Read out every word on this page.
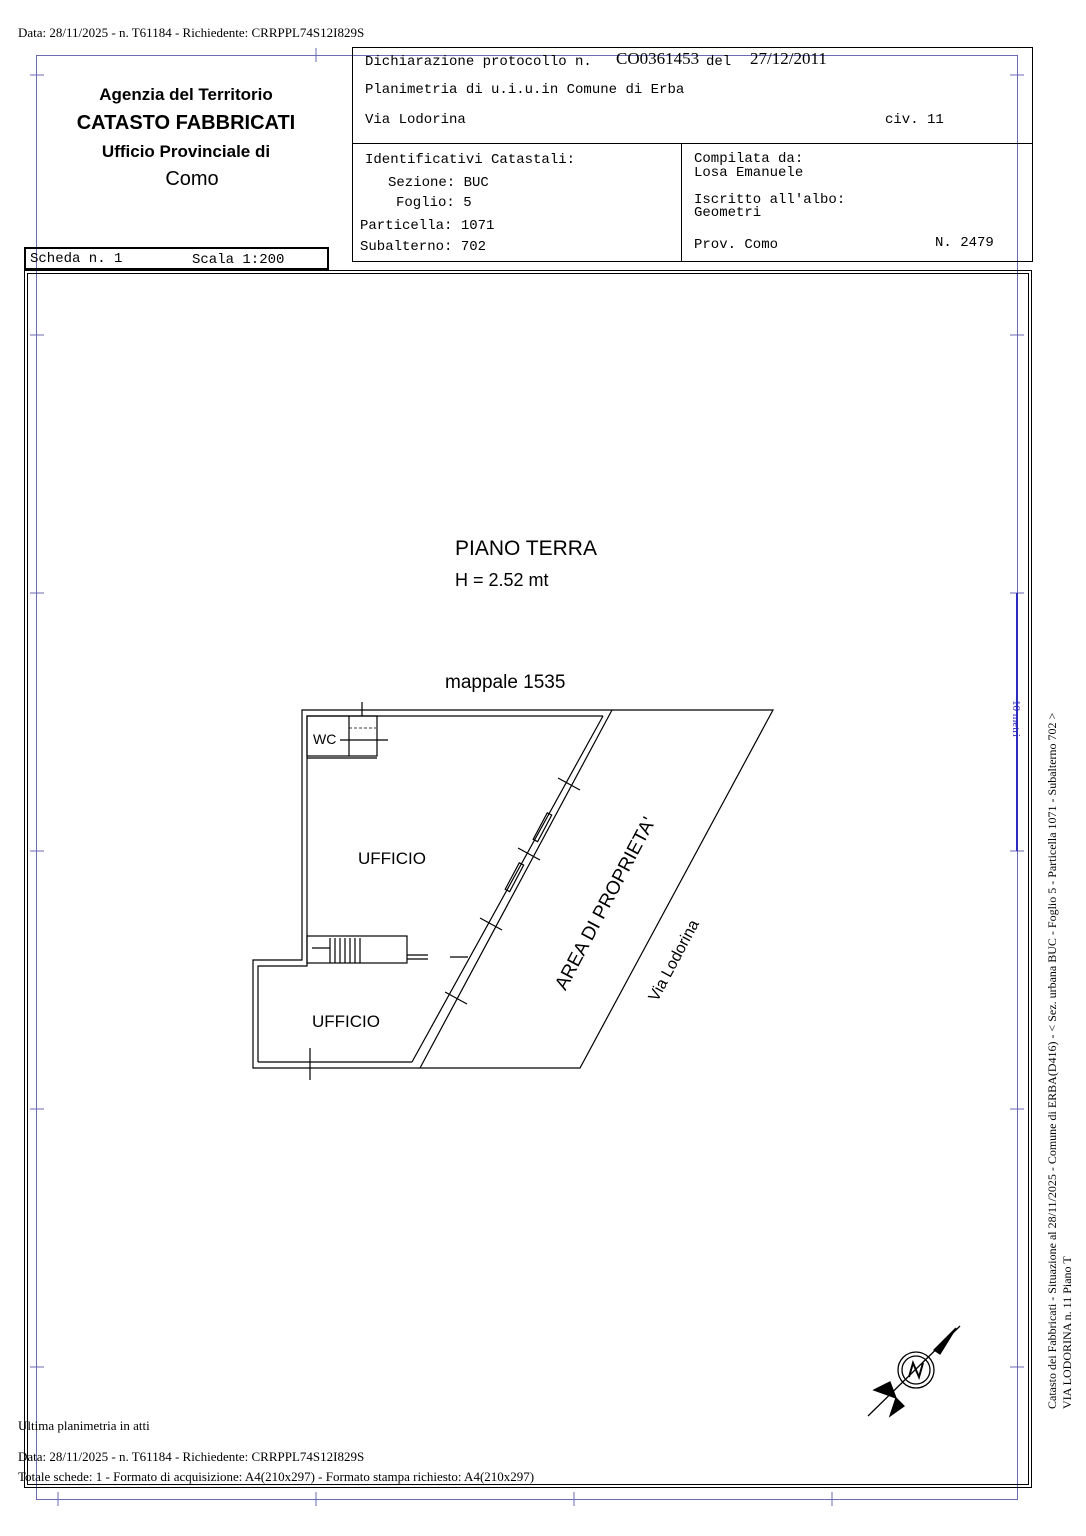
Data: 28/11/2025 - n. T61184 - Richiedente: CRRPPL74S12I829S
Agenzia del Territorio
CATASTO FABBRICATI
Ufficio Provinciale di
Como
Scheda n. 1	Scala 1:200
Dichiarazione protocollo n. CO0361453 del 27/12/2011
Planimetria di u.i.u.in Comune di Erba
Via Lodorina	civ. 11
Identificativi Catastali:
Sezione: BUC
Foglio: 5
Particella: 1071
Subalterno: 702
Compilata da:
Losa Emanuele
Iscritto all'albo:
Geometri
Prov. Como	N. 2479
PIANO TERRA
H = 2.52 mt
mappale 1535
WC
UFFICIO
UFFICIO
AREA DI PROPRIETA'
Via Lodorina	Catasto dei Fabbricati - Situazione al 28/11/2025 - Comune di ERBA(D416) - < Sez. urbana BUC - Foglio 5 - Particella 1071 - Subalterno 702 > VIA LODORINA n. 11 Piano T
10 metri
Ultima planimetria in atti
Data: 28/11/2025 - n. T61184 - Richiedente: CRRPPL74S12I829S
Totale schede: 1 - Formato di acquisizione: A4(210x297) - Formato stampa richiesto: A4(210x297)
